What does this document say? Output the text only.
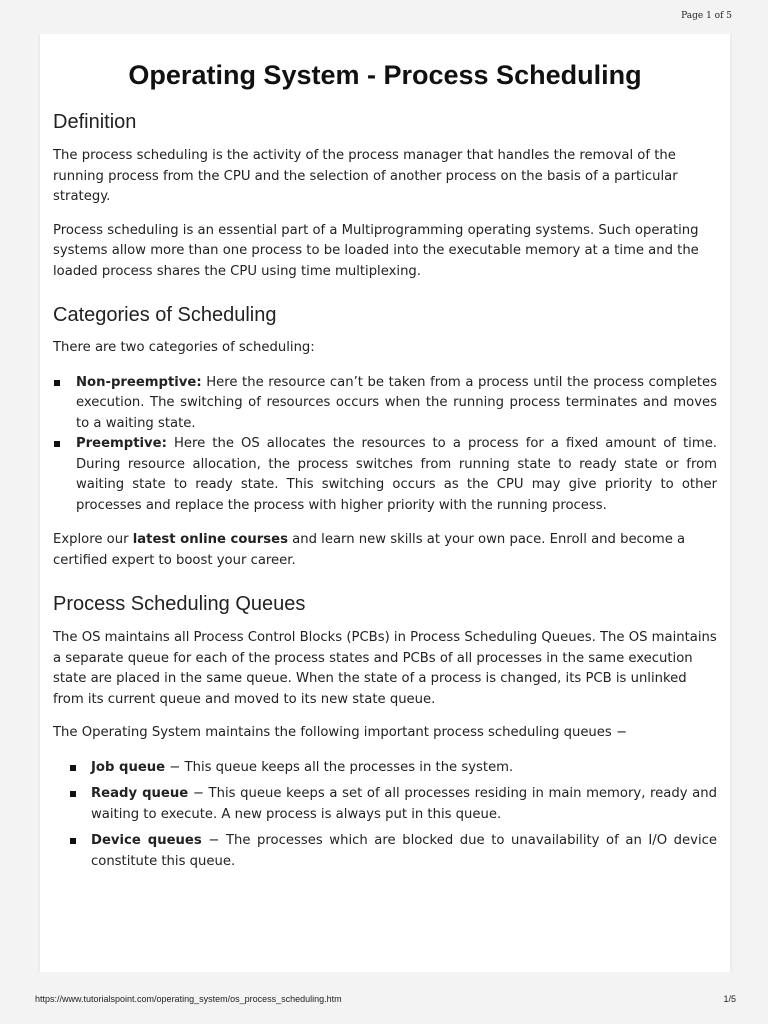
Page 1 of 5
Operating System - Process Scheduling
Definition

The process scheduling is the activity of the process manager that handles the removal of the running process from the CPU and the selection of another process on the basis of a particular strategy.

Process scheduling is an essential part of a Multiprogramming operating systems. Such operating systems allow more than one process to be loaded into the executable memory at a time and the loaded process shares the CPU using time multiplexing.

Categories of Scheduling

There are two categories of scheduling:

Non-preemptive: Here the resource can’t be taken from a process until the process completes execution. The switching of resources occurs when the running process terminates and moves to a waiting state.
Preemptive: Here the OS allocates the resources to a process for a fixed amount of time. During resource allocation, the process switches from running state to ready state or from waiting state to ready state. This switching occurs as the CPU may give priority to other processes and replace the process with higher priority with the running process.

Explore our latest online courses and learn new skills at your own pace. Enroll and become a certified expert to boost your career.

Process Scheduling Queues

The OS maintains all Process Control Blocks (PCBs) in Process Scheduling Queues. The OS maintains a separate queue for each of the process states and PCBs of all processes in the same execution state are placed in the same queue. When the state of a process is changed, its PCB is unlinked from its current queue and moved to its new state queue.

The Operating System maintains the following important process scheduling queues −

Job queue − This queue keeps all the processes in the system.
Ready queue − This queue keeps a set of all processes residing in main memory, ready and waiting to execute. A new process is always put in this queue.
Device queues − The processes which are blocked due to unavailability of an I/O device constitute this queue.
https://www.tutorialspoint.com/operating_system/os_process_scheduling.htm	1/5
